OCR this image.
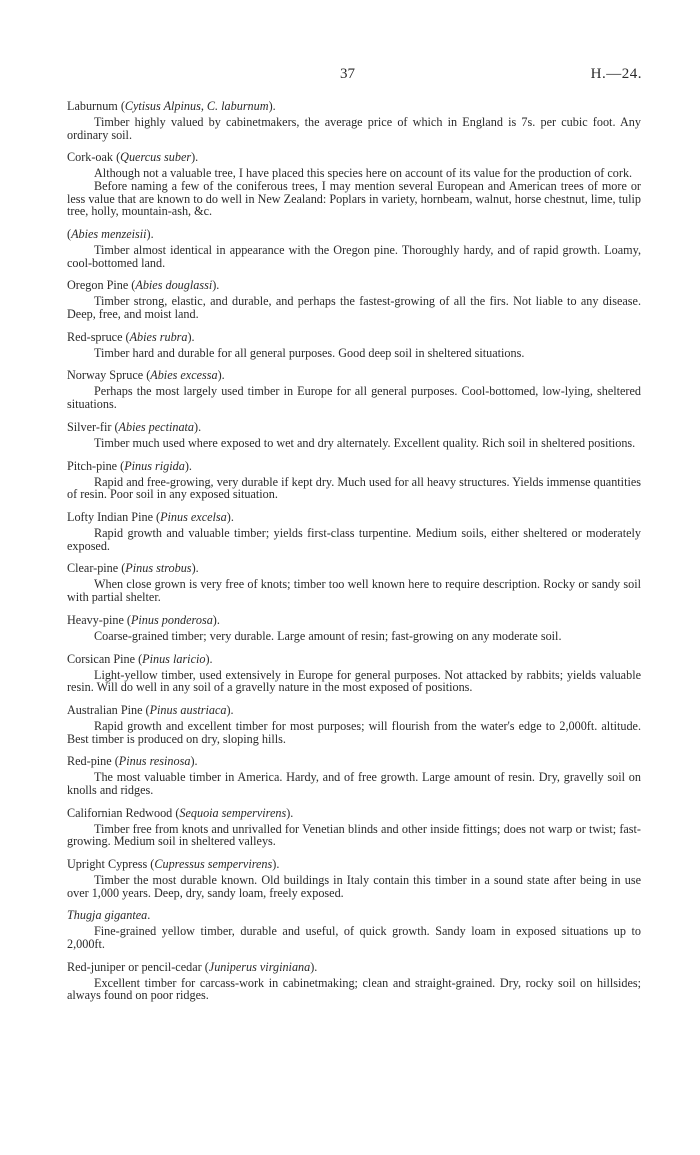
37	H.—24.

Laburnum (Cytisus Alpinus, C. laburnum).

Timber highly valued by cabinetmakers, the average price of which in England is 7s. per cubic foot. Any ordinary soil.

Cork-oak (Quercus suber).

Although not a valuable tree, I have placed this species here on account of its value for the production of cork.

Before naming a few of the coniferous trees, I may mention several European and American trees of more or less value that are known to do well in New Zealand: Poplars in variety, hornbeam, walnut, horse chestnut, lime, tulip tree, holly, mountain-ash, &c.

(Abies menzeisii).

Timber almost identical in appearance with the Oregon pine. Thoroughly hardy, and of rapid growth. Loamy, cool-bottomed land.

Oregon Pine (Abies douglassi).

Timber strong, elastic, and durable, and perhaps the fastest-growing of all the firs. Not liable to any disease. Deep, free, and moist land.

Red-spruce (Abies rubra).

Timber hard and durable for all general purposes. Good deep soil in sheltered situations.

Norway Spruce (Abies excessa).

Perhaps the most largely used timber in Europe for all general purposes. Cool-bottomed, low-lying, sheltered situations.

Silver-fir (Abies pectinata).

Timber much used where exposed to wet and dry alternately. Excellent quality. Rich soil in sheltered positions.

Pitch-pine (Pinus rigida).

Rapid and free-growing, very durable if kept dry. Much used for all heavy structures. Yields immense quantities of resin. Poor soil in any exposed situation.

Lofty Indian Pine (Pinus excelsa).

Rapid growth and valuable timber; yields first-class turpentine. Medium soils, either sheltered or moderately exposed.

Clear-pine (Pinus strobus).

When close grown is very free of knots; timber too well known here to require description. Rocky or sandy soil with partial shelter.

Heavy-pine (Pinus ponderosa).

Coarse-grained timber; very durable. Large amount of resin; fast-growing on any moderate soil.

Corsican Pine (Pinus laricio).

Light-yellow timber, used extensively in Europe for general purposes. Not attacked by rabbits; yields valuable resin. Will do well in any soil of a gravelly nature in the most exposed of positions.

Australian Pine (Pinus austriaca).

Rapid growth and excellent timber for most purposes; will flourish from the water's edge to 2,000ft. altitude. Best timber is produced on dry, sloping hills.

Red-pine (Pinus resinosa).

The most valuable timber in America. Hardy, and of free growth. Large amount of resin. Dry, gravelly soil on knolls and ridges.

Californian Redwood (Sequoia sempervirens).

Timber free from knots and unrivalled for Venetian blinds and other inside fittings; does not warp or twist; fast-growing. Medium soil in sheltered valleys.

Upright Cypress (Cupressus sempervirens).

Timber the most durable known. Old buildings in Italy contain this timber in a sound state after being in use over 1,000 years. Deep, dry, sandy loam, freely exposed.

Thugja gigantea.

Fine-grained yellow timber, durable and useful, of quick growth. Sandy loam in exposed situations up to 2,000ft.

Red-juniper or pencil-cedar (Juniperus virginiana).

Excellent timber for carcass-work in cabinetmaking; clean and straight-grained. Dry, rocky soil on hillsides; always found on poor ridges.
